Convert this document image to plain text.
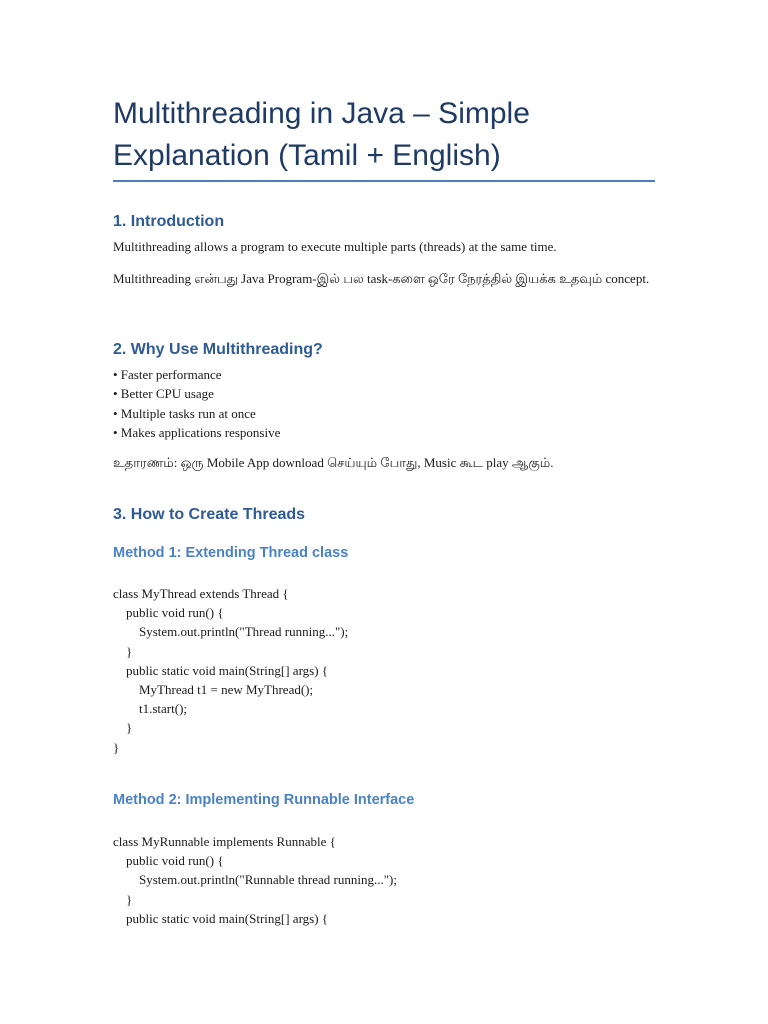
Multithreading in Java – Simple Explanation (Tamil + English)
1. Introduction
Multithreading allows a program to execute multiple parts (threads) at the same time.
Multithreading என்பது Java Program-இல் பல task-களை ஒரே நேரத்தில் இயக்க உதவும் concept.
2. Why Use Multithreading?
• Faster performance
• Better CPU usage
• Multiple tasks run at once
• Makes applications responsive
உதாரணம்: ஒரு Mobile App download செய்யும் போது, Music கூட play ஆகும்.
3. How to Create Threads
Method 1: Extending Thread class
class MyThread extends Thread {
public void run() {
System.out.println("Thread running...");
}
public static void main(String[] args) {
MyThread t1 = new MyThread();
t1.start();
}
}
Method 2: Implementing Runnable Interface
class MyRunnable implements Runnable {
public void run() {
System.out.println("Runnable thread running...");
}
public static void main(String[] args) {
